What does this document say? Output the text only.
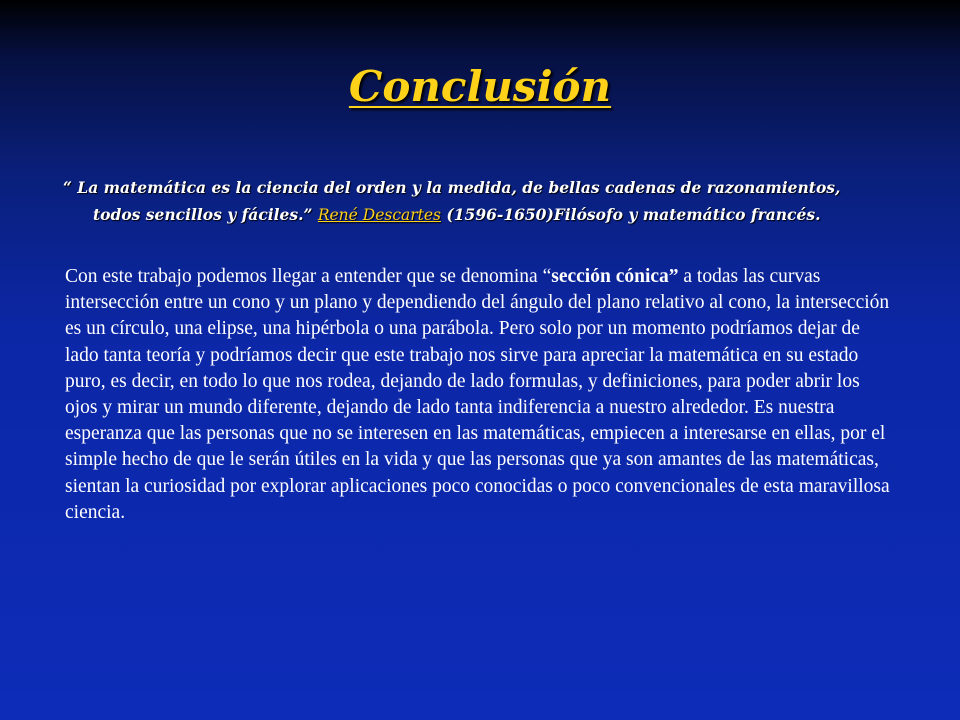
Conclusión

“ La matemática es la ciencia del orden y la medida, de bellas cadenas de razonamientos, todos sencillos y fáciles.” René Descartes (1596-1650)Filósofo y matemático francés.

Con este trabajo podemos llegar a entender que se denomina “sección cónica” a todas las curvas intersección entre un cono y un plano y dependiendo del ángulo del plano relativo al cono, la intersección es un círculo, una elipse, una hipérbola o una parábola. Pero solo por un momento podríamos dejar de lado tanta teoría y podríamos decir que este trabajo nos sirve para apreciar la matemática en su estado puro, es decir, en todo lo que nos rodea, dejando de lado formulas, y definiciones, para poder abrir los ojos y mirar un mundo diferente, dejando de lado tanta indiferencia a nuestro alrededor. Es nuestra esperanza que las personas que no se interesen en las matemáticas, empiecen a interesarse en ellas, por el simple hecho de que le serán útiles en la vida y que las personas que ya son amantes de las matemáticas, sientan la curiosidad por explorar aplicaciones poco conocidas o poco convencionales de esta maravillosa ciencia.
